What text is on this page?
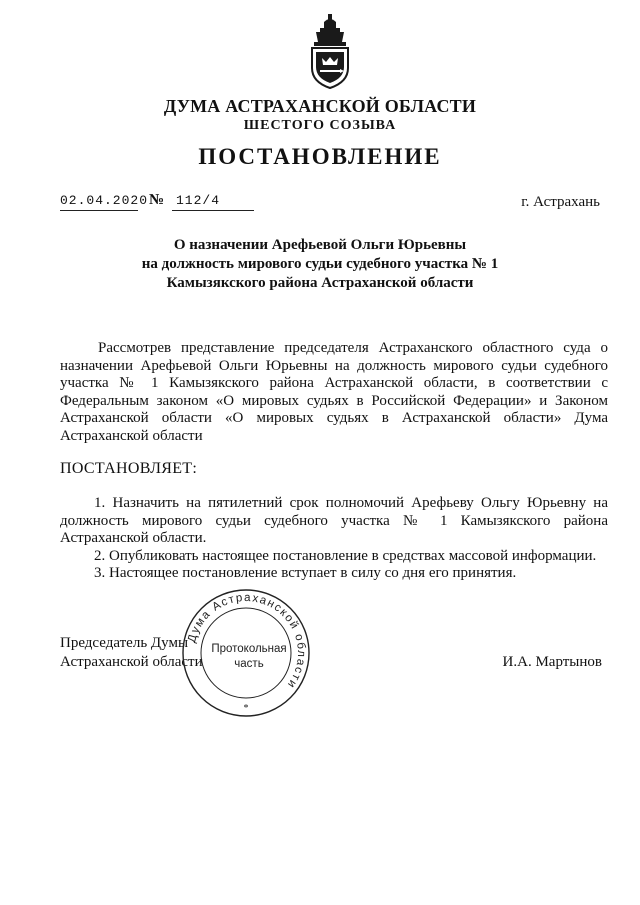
ДУМА АСТРАХАНСКОЙ ОБЛАСТИ
ШЕСТОГО СОЗЫВА
ПОСТАНОВЛЕНИЕ
02.04.2020 № 112/4	г. Астрахань
О назначении Арефьевой Ольги Юрьевны
на должность мирового судьи судебного участка № 1
Камызякского района Астраханской области
Рассмотрев представление председателя Астраханского областного суда о назначении Арефьевой Ольги Юрьевны на должность мирового судьи судебного участка № 1 Камызякского района Астраханской области, в соответствии с Федеральным законом «О мировых судьях в Российской Федерации» и Законом Астраханской области «О мировых судьях в Астраханской области» Дума Астраханской области
ПОСТАНОВЛЯЕТ:

1. Назначить на пятилетний срок полномочий Арефьеву Ольгу Юрьевну на должность мирового судьи судебного участка № 1 Камызякского района Астраханской области.

2. Опубликовать настоящее постановление в средствах массовой информации.

3. Настоящее постановление вступает в силу со дня его принятия.

Председатель Думы
Астраханской области	И.А. Мартынов
Дума Астраханской области
*
Протокольная
часть
